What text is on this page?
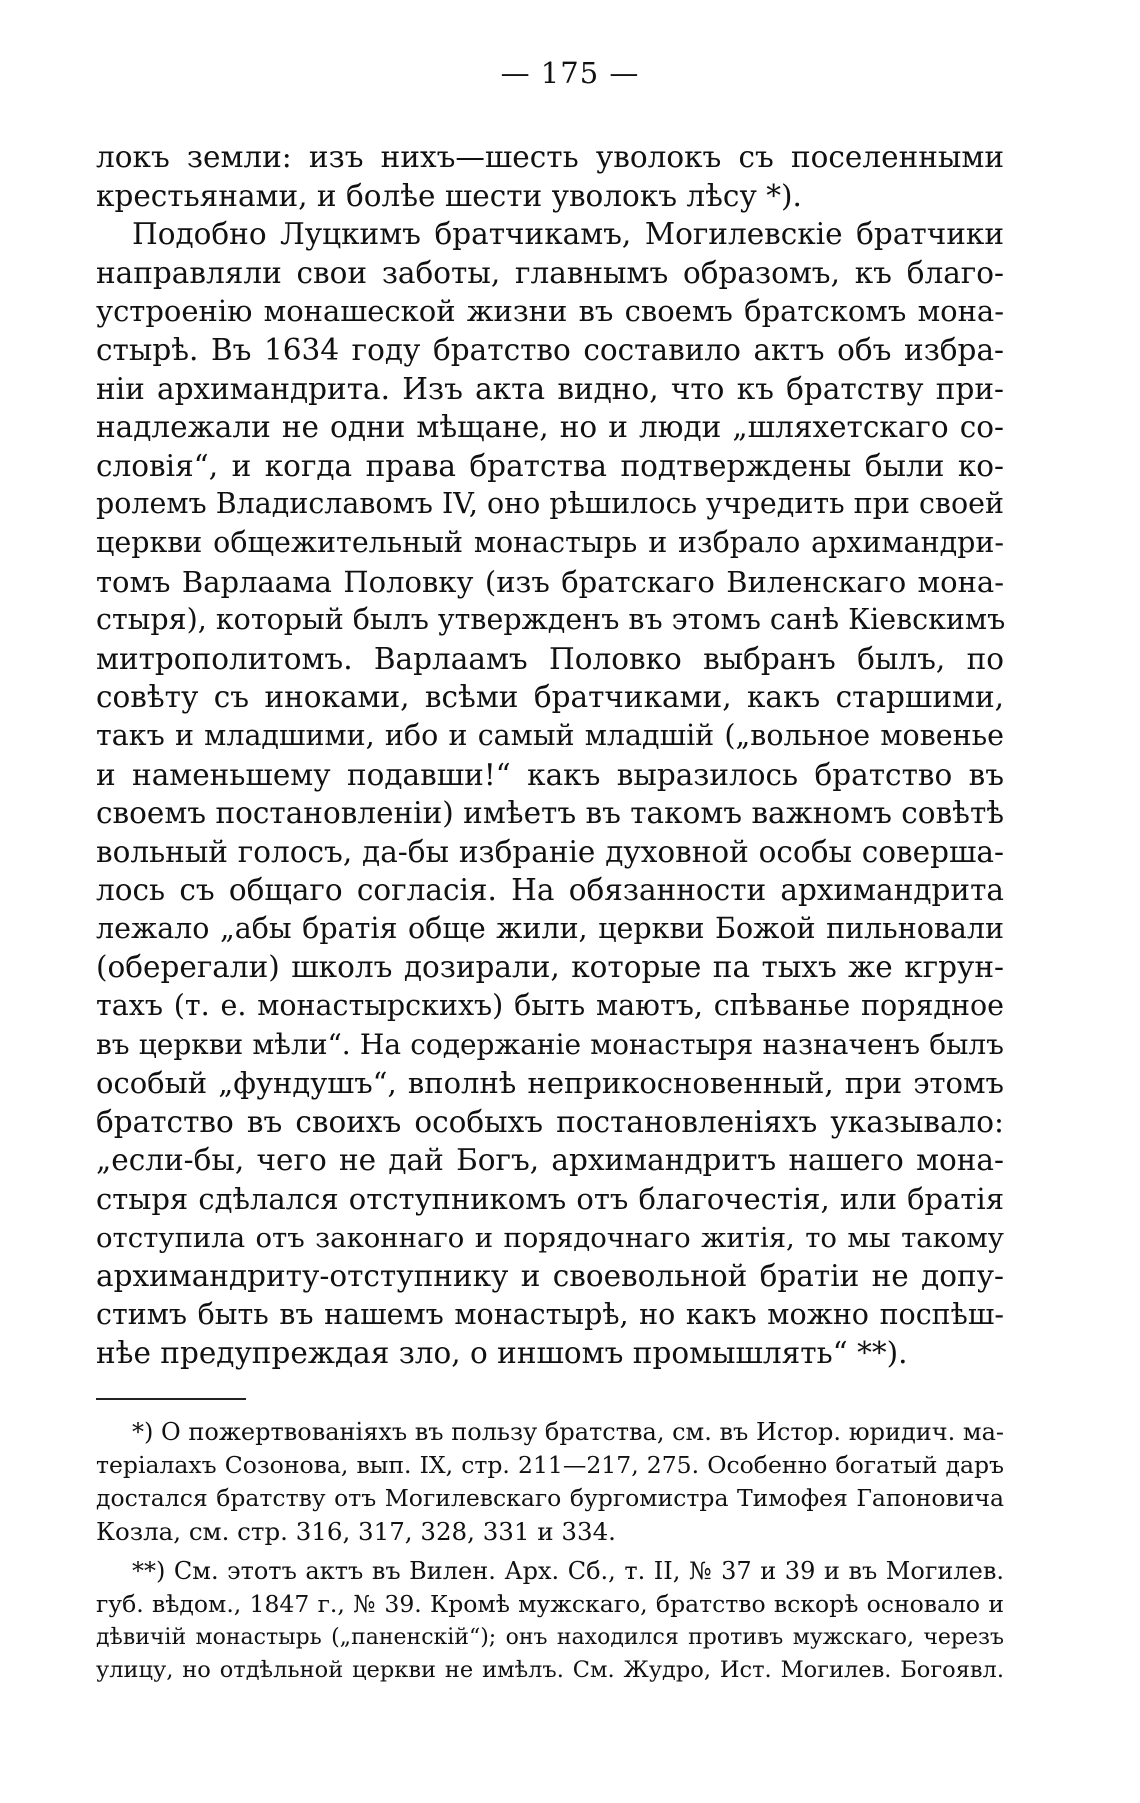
— 175 —
локъ земли: изъ нихъ—шесть уволокъ съ поселенными
крестьянами, и болѣе шести уволокъ лѣсу *).
Подобно Луцкимъ братчикамъ, Могилевскіе братчики
направляли свои заботы, главнымъ образомъ, къ благо-
устроенію монашеской жизни въ своемъ братскомъ мона-
стырѣ. Въ 1634 году братство составило актъ объ избра-
ніи архимандрита. Изъ акта видно, что къ братству при-
надлежали не одни мѣщане, но и люди „шляхетскаго со-
словія“, и когда права братства подтверждены были ко-
ролемъ Владиславомъ IV, оно рѣшилось учредить при своей
церкви общежительный монастырь и избрало архимандри-
томъ Варлаама Половку (изъ братскаго Виленскаго мона-
стыря), который былъ утвержденъ въ этомъ санѣ Кіевскимъ
митрополитомъ. Варлаамъ Половко выбранъ былъ, по
совѣту съ иноками, всѣми братчиками, какъ старшими,
такъ и младшими, ибо и самый младшій („вольное мовенье
и наменьшему подавши!“ какъ выразилось братство въ
своемъ постановленіи) имѣетъ въ такомъ важномъ совѣтѣ
вольный голосъ, да-бы избраніе духовной особы соверша-
лось съ общаго согласія. На обязанности архимандрита
лежало „абы братія обще жили, церкви Божой пильновали
(оберегали) школъ дозирали, которые па тыхъ же кгрун-
тахъ (т. е. монастырскихъ) быть маютъ, спѣванье порядное
въ церкви мѣли“. На содержаніе монастыря назначенъ былъ
особый „фундушъ“, вполнѣ неприкосновенный, при этомъ
братство въ своихъ особыхъ постановленіяхъ указывало:
„если-бы, чего не дай Богъ, архимандритъ нашего мона-
стыря сдѣлался отступникомъ отъ благочестія, или братія
отступила отъ законнаго и порядочнаго житія, то мы такому
архимандриту-отступнику и своевольной братіи не допу-
стимъ быть въ нашемъ монастырѣ, но какъ можно поспѣш-
нѣе предупреждая зло, о иншомъ промышлять“ **).
*) О пожертвованіяхъ въ пользу братства, см. въ Истор. юридич. ма-
теріалахъ Созонова, вып. IX, стр. 211—217, 275. Особенно богатый даръ
достался братству отъ Могилевскаго бургомистра Тимофея Гапоновича
Козла, см. стр. 316, 317, 328, 331 и 334.
**) См. этотъ актъ въ Вилен. Арх. Сб., т. II, № 37 и 39 и въ Могилев.
губ. вѣдом., 1847 г., № 39. Кромѣ мужскаго, братство вскорѣ основало и
дѣвичій монастырь („паненскій“); онъ находился противъ мужскаго, черезъ
улицу, но отдѣльной церкви не имѣлъ. См. Жудро, Ист. Могилев. Богоявл.
